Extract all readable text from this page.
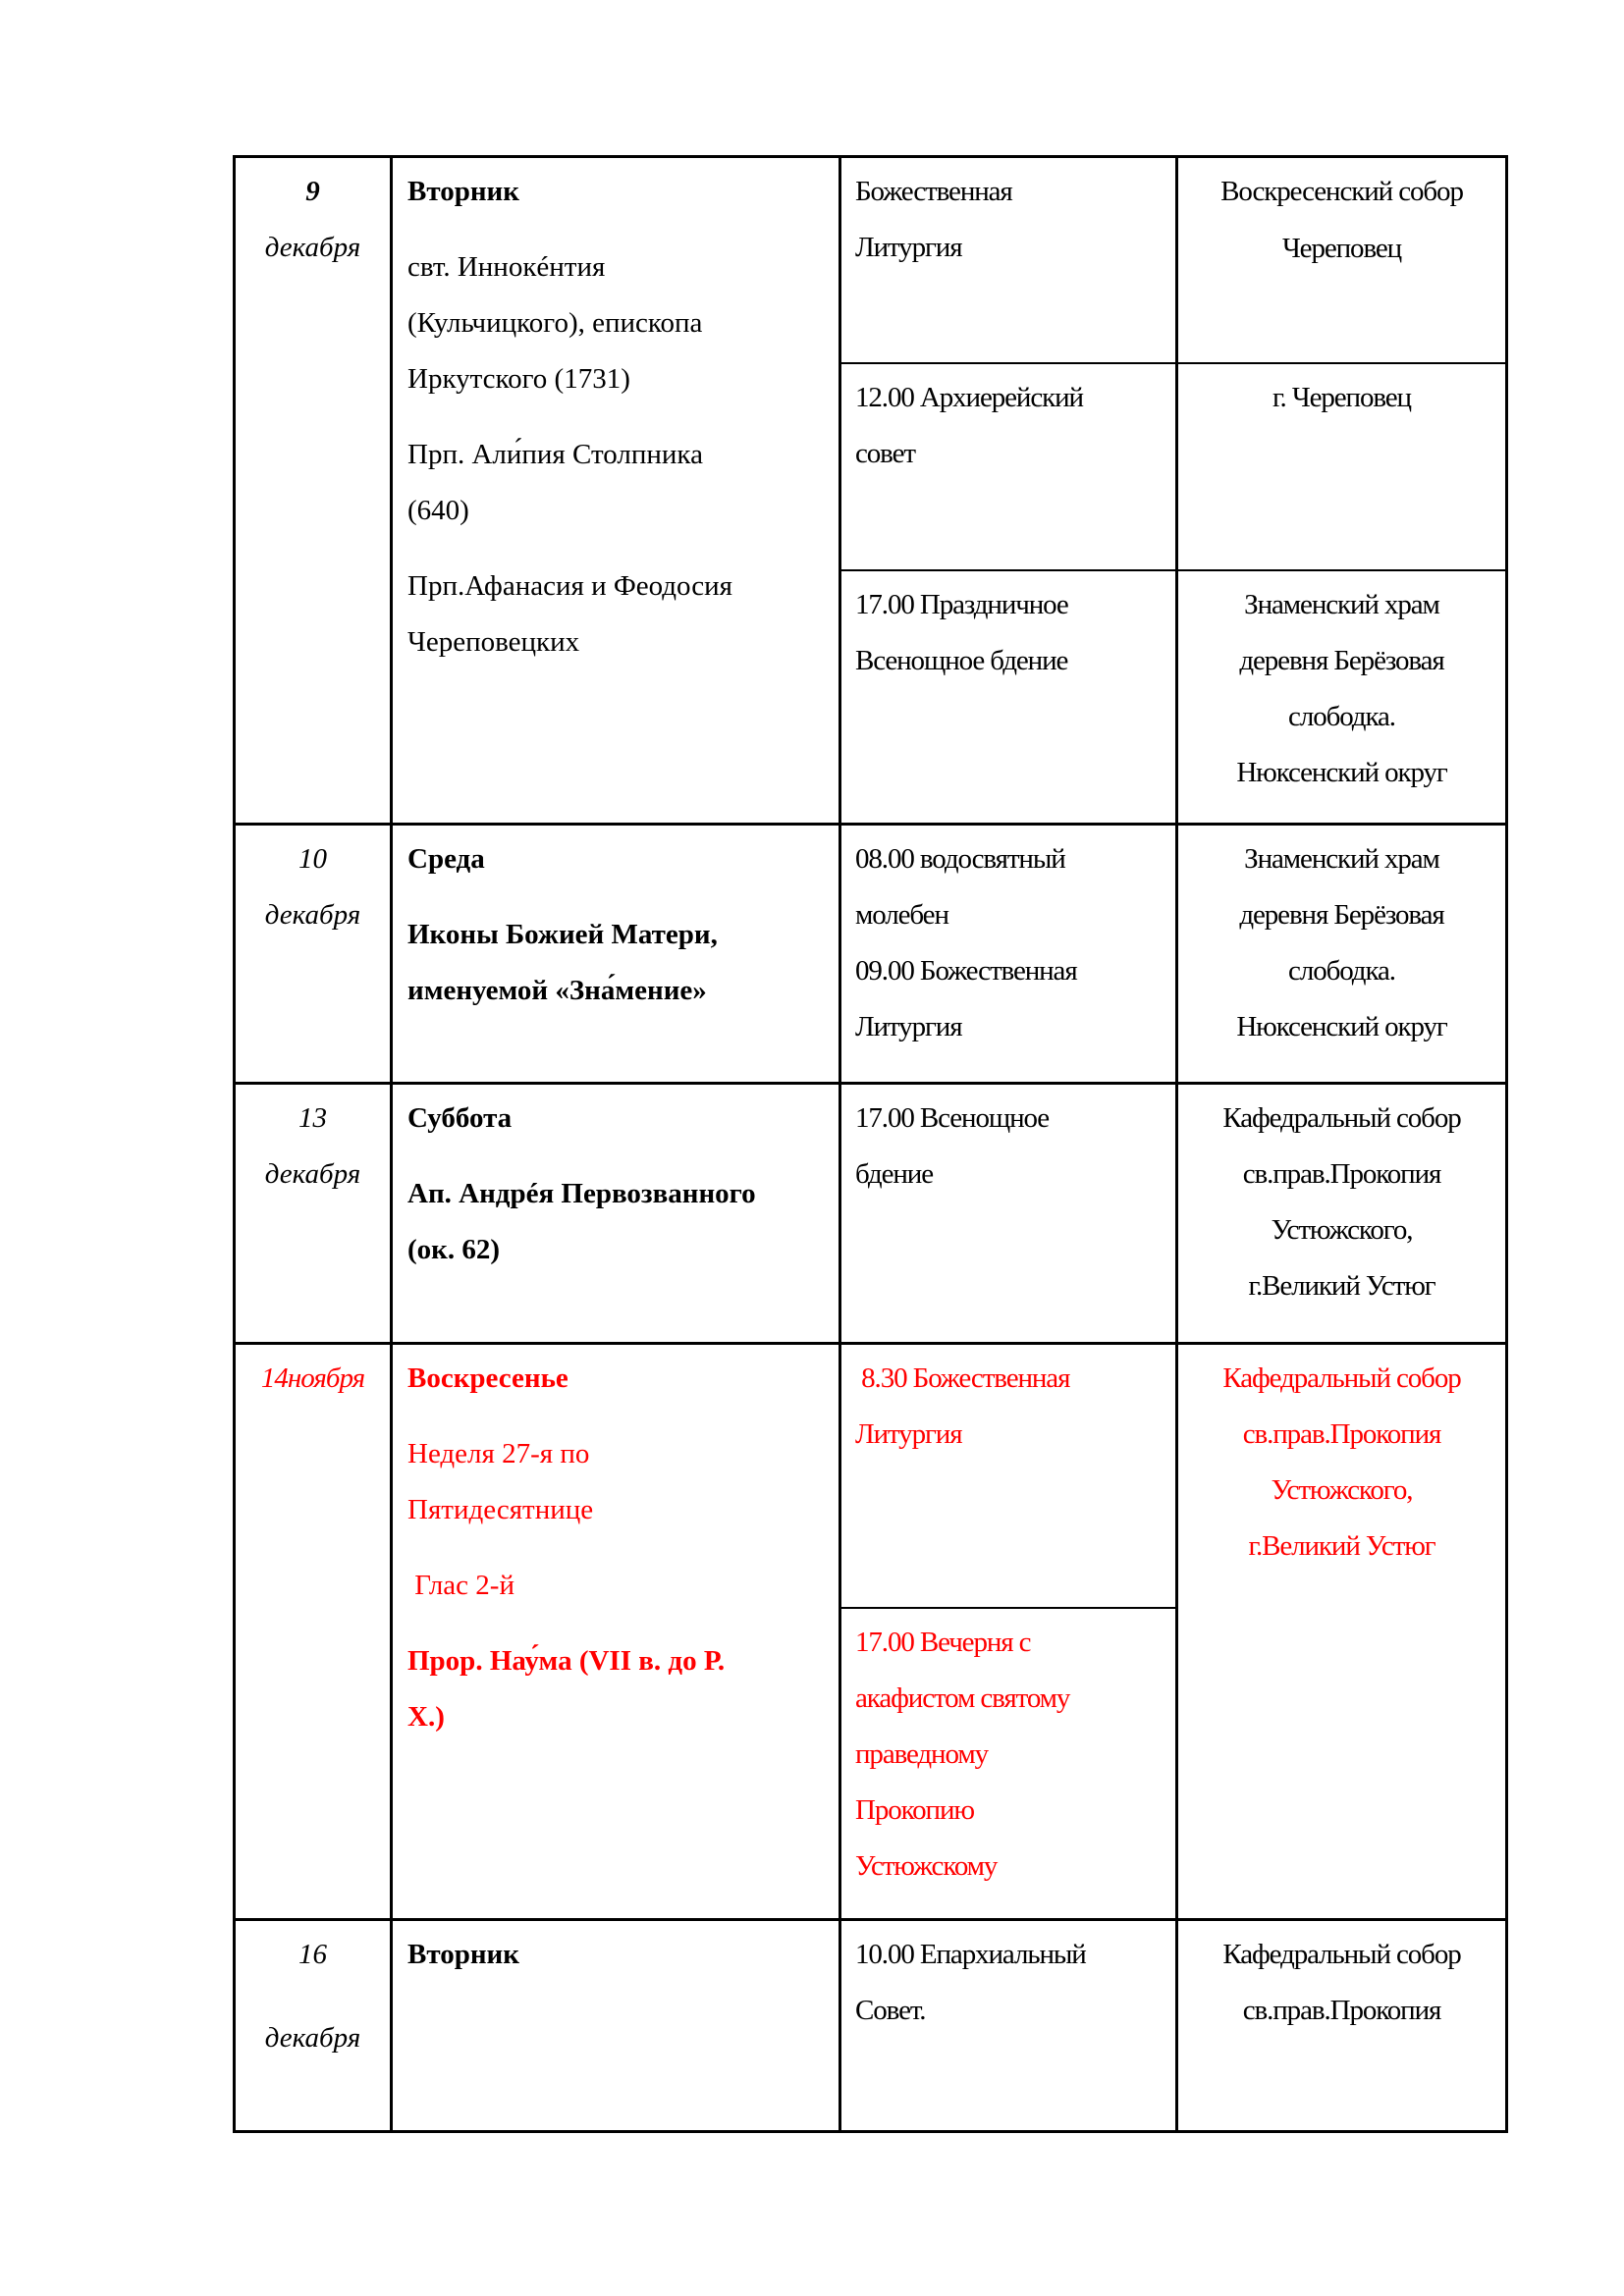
9

декабря

Вторник

свт. Иннокéнтия

(Кульчицкого), епископа

Иркутского (1731)

Прп. Али́пия Столпника

(640)

Прп.Афанасия и Феодосия

Череповецких

Божественная

Литургия

Воскресенский собор

Череповец

12.00 Архиерейский

совет

г. Череповец

17.00 Праздничное

Всенощное бдение

Знаменский храм

деревня Берёзовая

слободка.

Нюксенский округ

10

декабря

Среда

Иконы Божией Матери,

именуемой «Зна́мение»

08.00 водосвятный

молебен

09.00 Божественная

Литургия

Знаменский храм

деревня Берёзовая

слободка.

Нюксенский округ

13

декабря

Суббота

Ап. Андрéя Первозванного

(ок. 62)

17.00 Всенощное

бдение

Кафедральный собор

св.прав.Прокопия

Устюжского,

г.Великий Устюг

14ноября	Воскресенье

Неделя 27-я по

Пятидесятнице

Глас 2-й

Прор. Нау́ма (VII в. до Р.

Х.)

8.30 Божественная

Литургия

17.00 Вечерня с

акафистом святому

праведному

Прокопию

Устюжскому

Кафедральный собор

св.прав.Прокопия

Устюжского,

г.Великий Устюг

16

декабря

Вторник	10.00 Епархиальный

Совет.

Кафедральный собор

св.прав.Прокопия
